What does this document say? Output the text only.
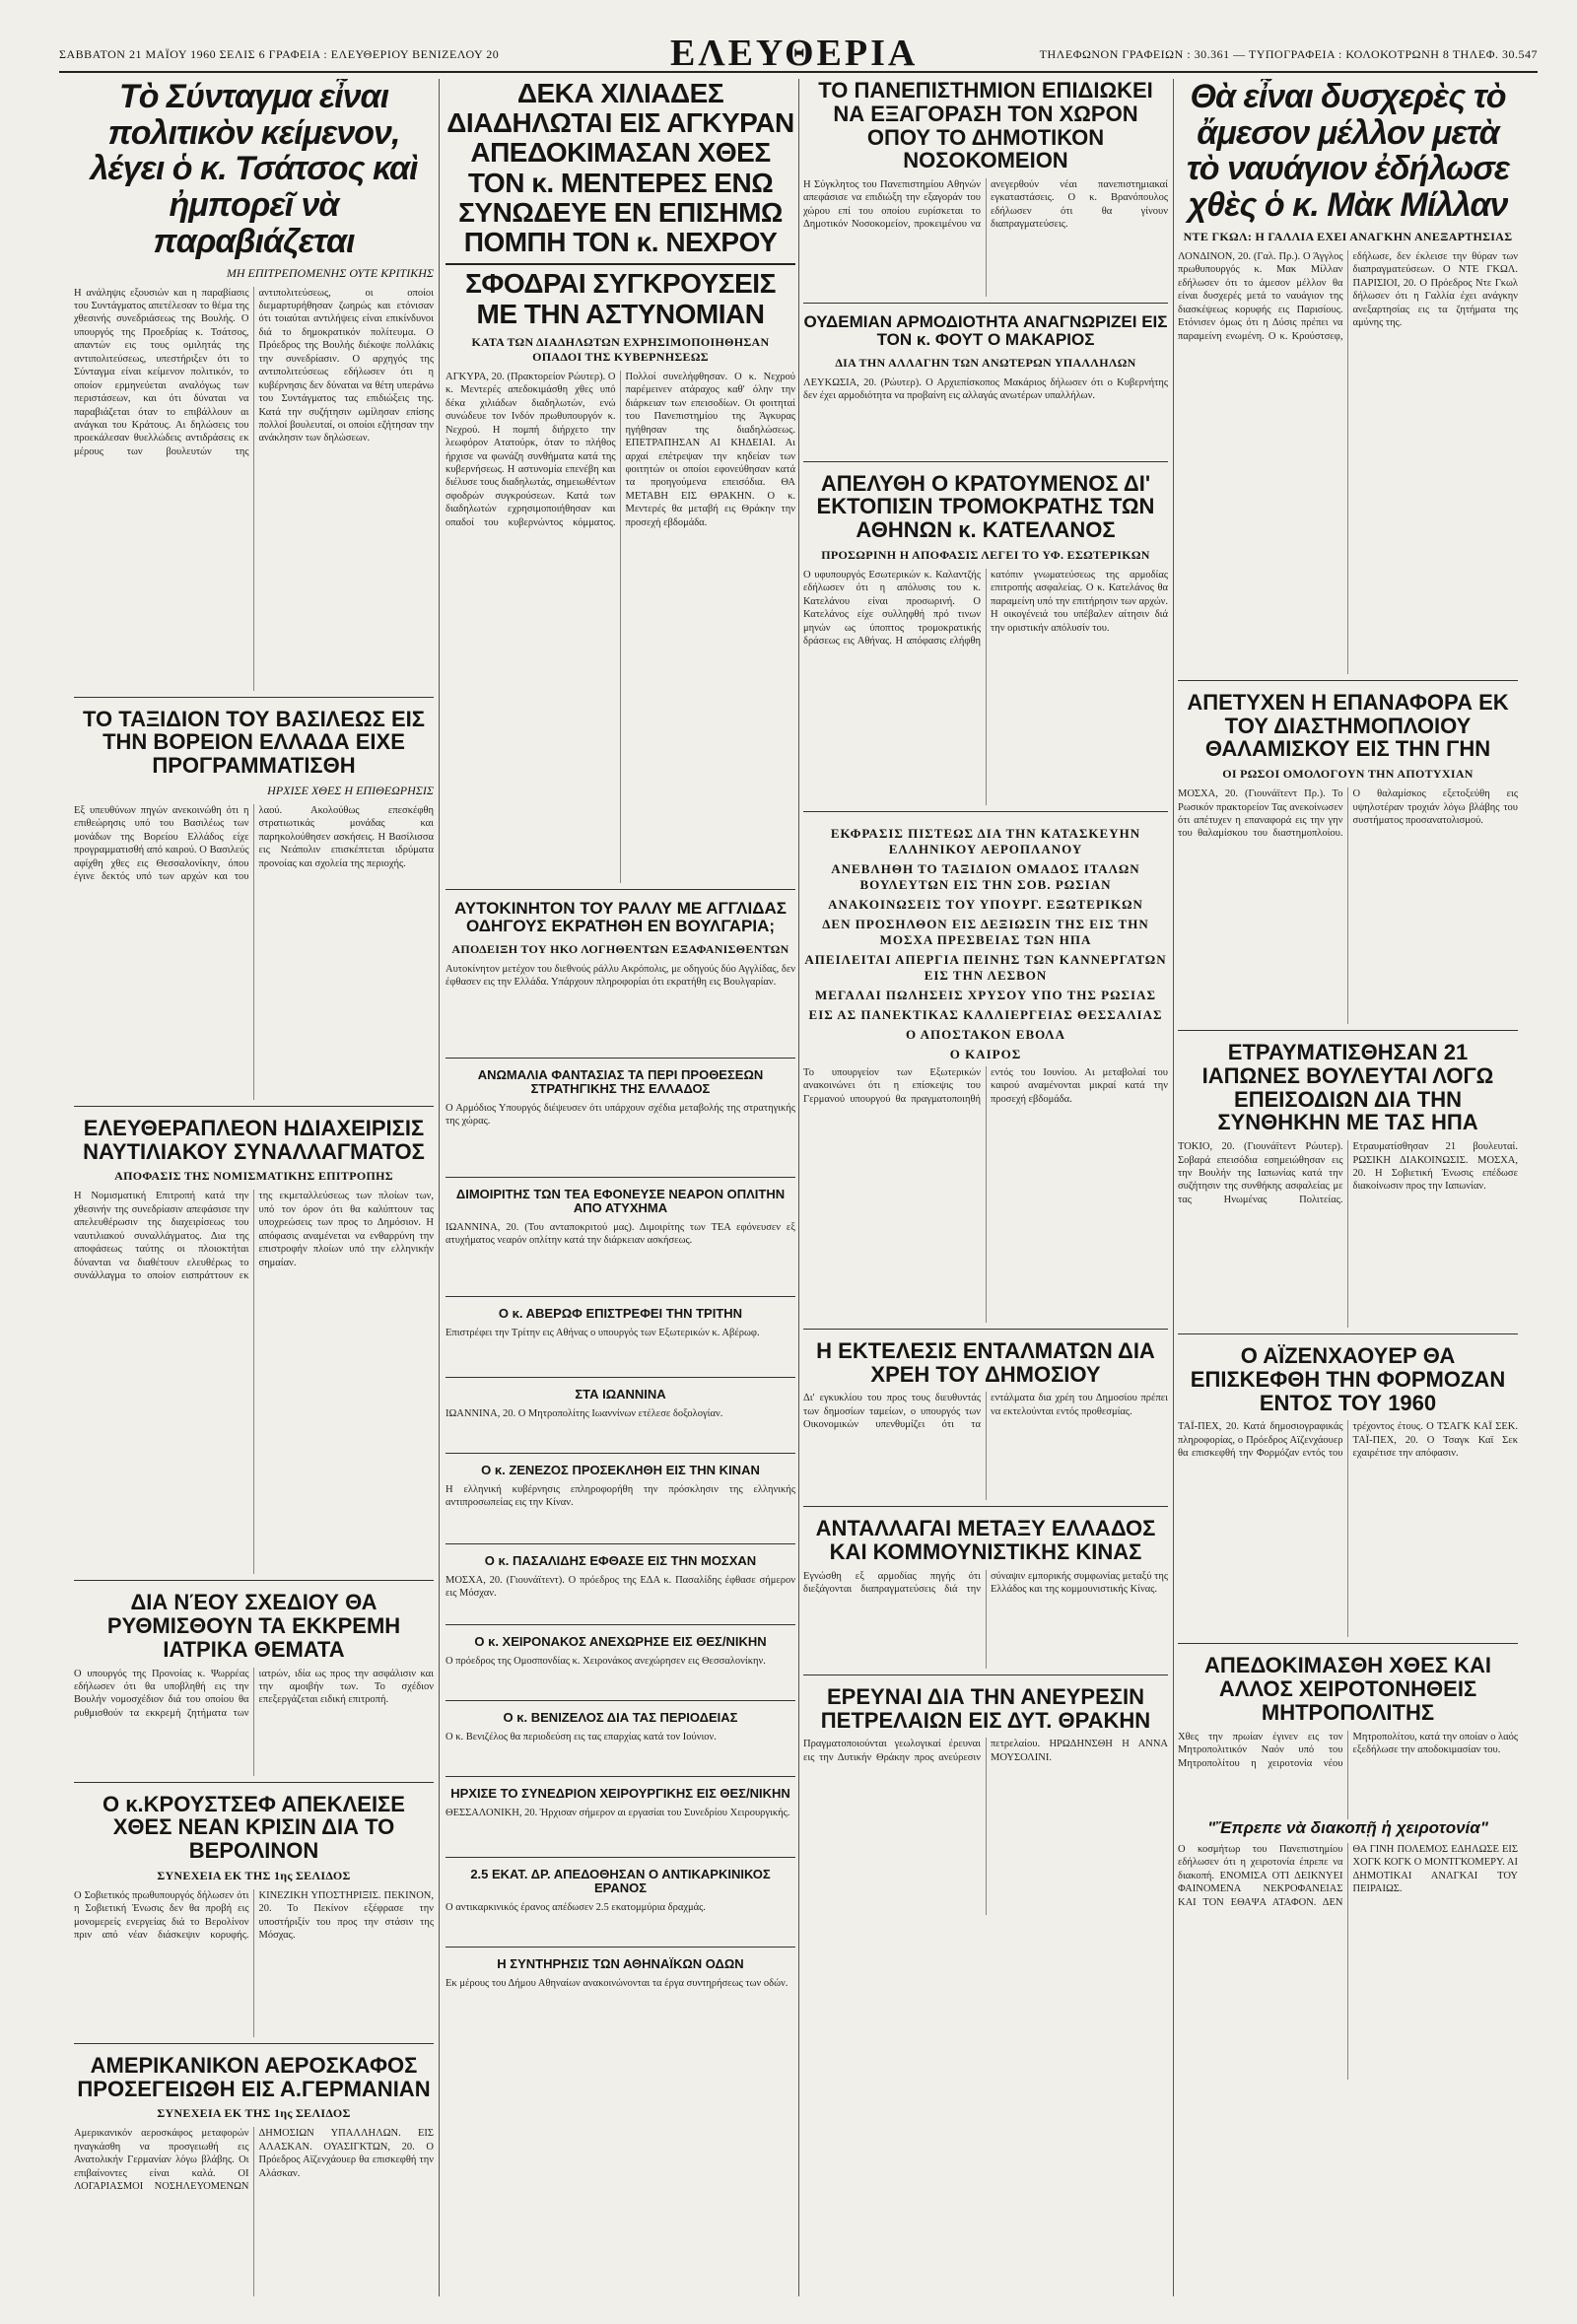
ΣΑΒΒΑΤΟΝ 21 ΜΑΪΟΥ 1960 ΣΕΛΙΣ 6 ΓΡΑΦΕΙΑ : ΕΛΕΥΘΕΡΙΟΥ ΒΕΝΙΖΕΛΟΥ 20	ΕΛΕΥΘΕΡΙΑ	ΤΗΛΕΦΩΝΟΝ ΓΡΑΦΕΙΩΝ : 30.361 — ΤΥΠΟΓΡΑΦΕΙΑ : ΚΟΛΟΚΟΤΡΩΝΗ 8 ΤΗΛΕΦ. 30.547
Τὸ Σύνταγμα εἶναι πολιτικὸν κείμενον, λέγει ὁ κ. Τσάτσος καὶ ἠμπορεῖ νὰ παραβιάζεται
ΜΗ ΕΠΙΤΡΕΠΟΜΕΝΗΣ ΟΥΤΕ ΚΡΙΤΙΚΗΣ
Η ανάληψις εξουσιών και η παραβίασις του Συντάγματος απετέλεσαν το θέμα της χθεσινής συνεδριάσεως της Βουλής. Ο υπουργός της Προεδρίας κ. Τσάτσος, απαντών εις τους ομιλητάς της αντιπολιτεύσεως, υπεστήριξεν ότι το Σύνταγμα είναι κείμενον πολιτικόν, το οποίον ερμηνεύεται αναλόγως των περιστάσεων, και ότι δύναται να παραβιάζεται όταν το επιβάλλουν αι ανάγκαι του Κράτους. Αι δηλώσεις του προεκάλεσαν θυελλώδεις αντιδράσεις εκ μέρους των βουλευτών της αντιπολιτεύσεως, οι οποίοι διεμαρτυρήθησαν ζωηρώς και ετόνισαν ότι τοιαύται αντιλήψεις είναι επικίνδυνοι διά το δημοκρατικόν πολίτευμα. Ο Πρόεδρος της Βουλής διέκοψε πολλάκις την συνεδρίασιν. Ο αρχηγός της αντιπολιτεύσεως εδήλωσεν ότι η κυβέρνησις δεν δύναται να θέτη υπεράνω του Συντάγματος τας επιδιώξεις της. Κατά την συζήτησιν ωμίλησαν επίσης πολλοί βουλευταί, οι οποίοι εζήτησαν την ανάκλησιν των δηλώσεων.
ΤΟ ΤΑΞΙΔΙΟΝ ΤΟΥ ΒΑΣΙΛΕΩΣ ΕΙΣ ΤΗΝ ΒΟΡΕΙΟΝ ΕΛΛΑΔΑ ΕΙΧΕ ΠΡΟΓΡΑΜΜΑΤΙΣΘΗ
ΗΡΧΙΣΕ ΧΘΕΣ Η ΕΠΙΘΕΩΡΗΣΙΣ
Εξ υπευθύνων πηγών ανεκοινώθη ότι η επιθεώρησις υπό του Βασιλέως των μονάδων της Βορείου Ελλάδος είχε προγραμματισθή από καιρού. Ο Βασιλεύς αφίχθη χθες εις Θεσσαλονίκην, όπου έγινε δεκτός υπό των αρχών και του λαού. Ακολούθως επεσκέφθη στρατιωτικάς μονάδας και παρηκολούθησεν ασκήσεις. Η Βασίλισσα εις Νεάπολιν επισκέπτεται ιδρύματα προνοίας και σχολεία της περιοχής.
ΕΛΕΥΘΕΡΑΠΛΕΟΝ ΗΔΙΑΧΕΙΡΙΣΙΣ ΝΑΥΤΙΛΙΑΚΟΥ ΣΥΝΑΛΛΑΓΜΑΤΟΣ
ΑΠΟΦΑΣΙΣ ΤΗΣ ΝΟΜΙΣΜΑΤΙΚΗΣ ΕΠΙΤΡΟΠΗΣ
Η Νομισματική Επιτροπή κατά την χθεσινήν της συνεδρίασιν απεφάσισε την απελευθέρωσιν της διαχειρίσεως του ναυτιλιακού συναλλάγματος. Δια της αποφάσεως ταύτης οι πλοιοκτήται δύνανται να διαθέτουν ελευθέρως το συνάλλαγμα το οποίον εισπράττουν εκ της εκμεταλλεύσεως των πλοίων των, υπό τον όρον ότι θα καλύπτουν τας υποχρεώσεις των προς το Δημόσιον. Η απόφασις αναμένεται να ενθαρρύνη την επιστροφήν πλοίων υπό την ελληνικήν σημαίαν.
ΔΙΑ ΝΈΟΥ ΣΧΕΔΙΟΥ ΘΑ ΡΥΘΜΙΣΘΟΥΝ ΤΑ ΕΚΚΡΕΜΗ ΙΑΤΡΙΚΑ ΘΕΜΑΤΑ
Ο υπουργός της Προνοίας κ. Ψωρρέας εδήλωσεν ότι θα υποβληθή εις την Βουλήν νομοσχέδιον διά του οποίου θα ρυθμισθούν τα εκκρεμή ζητήματα των ιατρών, ιδία ως προς την ασφάλισιν και την αμοιβήν των. Το σχέδιον επεξεργάζεται ειδική επιτροπή.
Ο κ.ΚΡΟΥΣΤΣΕΦ ΑΠΕΚΛΕΙΣΕ ΧΘΕΣ ΝΕΑΝ ΚΡΙΣΙΝ ΔΙΑ ΤΟ ΒΕΡΟΛΙΝΟΝ
ΣΥΝΕΧΕΙΑ ΕΚ ΤΗΣ 1ης ΣΕΛΙΔΟΣ
Ο Σοβιετικός πρωθυπουργός δήλωσεν ότι η Σοβιετική Ένωσις δεν θα προβή εις μονομερείς ενεργείας διά το Βερολίνον πριν από νέαν διάσκεψιν κορυφής. ΚΙΝΕΖΙΚΗ ΥΠΟΣΤΗΡΙΞΙΣ. ΠΕΚΙΝΟΝ, 20. Το Πεκίνον εξέφρασε την υποστήριξίν του προς την στάσιν της Μόσχας.
ΑΜΕΡΙΚΑΝΙΚΟΝ ΑΕΡΟΣΚΑΦΟΣ ΠΡΟΣΕΓΕΙΩΘΗ ΕΙΣ Α.ΓΕΡΜΑΝΙΑΝ
ΣΥΝΕΧΕΙΑ ΕΚ ΤΗΣ 1ης ΣΕΛΙΔΟΣ
Αμερικανικόν αεροσκάφος μεταφορών ηναγκάσθη να προσγειωθή εις Ανατολικήν Γερμανίαν λόγω βλάβης. Οι επιβαίνοντες είναι καλά. ΟΙ ΛΟΓΑΡΙΑΣΜΟΙ ΝΟΣΗΛΕΥΟΜΕΝΩΝ ΔΗΜΟΣΙΩΝ ΥΠΑΛΛΗΛΩΝ. ΕΙΣ ΑΛΑΣΚΑΝ. ΟΥΑΣΙΓΚΤΩΝ, 20. Ο Πρόεδρος Αϊζενχάουερ θα επισκεφθή την Αλάσκαν.
ΔΕΚΑ ΧΙΛΙΑΔΕΣ ΔΙΑΔΗΛΩΤΑΙ ΕΙΣ ΑΓΚΥΡΑΝ ΑΠΕΔΟΚΙΜΑΣΑΝ ΧΘΕΣ ΤΟΝ κ. ΜΕΝΤΕΡΕΣ ΕΝΩ ΣΥΝΩΔΕΥΕ ΕΝ ΕΠΙΣΗΜΩ ΠΟΜΠΗ ΤΟΝ κ. ΝΕΧΡΟΥ
ΣΦΟΔΡΑΙ ΣΥΓΚΡΟΥΣΕΙΣ ΜΕ ΤΗΝ ΑΣΤΥΝΟΜΙΑΝ
ΚΑΤΑ ΤΩΝ ΔΙΑΔΗΛΩΤΩΝ ΕΧΡΗΣΙΜΟΠΟΙΗΘΗΣΑΝ ΟΠΑΔΟΙ ΤΗΣ ΚΥΒΕΡΝΗΣΕΩΣ
ΑΓΚΥΡΑ, 20. (Πρακτορείον Ρώυτερ). Ο κ. Μεντερές απεδοκιμάσθη χθες υπό δέκα χιλιάδων διαδηλωτών, ενώ συνώδευε τον Ινδόν πρωθυπουργόν κ. Νεχρού. Η πομπή διήρχετο την λεωφόρον Ατατούρκ, όταν το πλήθος ήρχισε να φωνάζη συνθήματα κατά της κυβερνήσεως. Η αστυνομία επενέβη και διέλυσε τους διαδηλωτάς, σημειωθέντων σφοδρών συγκρούσεων. Κατά των διαδηλωτών εχρησιμοποιήθησαν και οπαδοί του κυβερνώντος κόμματος. Πολλοί συνελήφθησαν. Ο κ. Νεχρού παρέμεινεν ατάραχος καθ' όλην την διάρκειαν των επεισοδίων. Οι φοιτηταί του Πανεπιστημίου της Άγκυρας ηγήθησαν της διαδηλώσεως. ΕΠΕΤΡΑΠΗΣΑΝ ΑΙ ΚΗΔΕΙΑΙ. Αι αρχαί επέτρεψαν την κηδείαν των φοιτητών οι οποίοι εφονεύθησαν κατά τα προηγούμενα επεισόδια. ΘΑ ΜΕΤΑΒΗ ΕΙΣ ΘΡΑΚΗΝ. Ο κ. Μεντερές θα μεταβή εις Θράκην την προσεχή εβδομάδα.
ΑΥΤΟΚΙΝΗΤΟΝ ΤΟΥ ΡΑΛΛΥ ΜΕ ΑΓΓΛΙΔΑΣ ΟΔΗΓΟΥΣ ΕΚΡΑΤΗΘΗ ΕΝ ΒΟΥΛΓΑΡΙΑ;
ΑΠΟΔΕΙΞΗ ΤΟΥ ΗΚΟ ΛΟΓΗΘΕΝΤΩΝ ΕΞΑΦΑΝΙΣΘΕΝΤΩΝ
Αυτοκίνητον μετέχον του διεθνούς ράλλυ Ακρόπολις, με οδηγούς δύο Αγγλίδας, δεν έφθασεν εις την Ελλάδα. Υπάρχουν πληροφορίαι ότι εκρατήθη εις Βουλγαρίαν.
ΑΝΩΜΑΛΙΑ ΦΑΝΤΑΣΙΑΣ ΤΑ ΠΕΡΙ ΠΡΟΘΕΣΕΩΝ ΣΤΡΑΤΗΓΙΚΗΣ ΤΗΣ ΕΛΛΑΔΟΣ
Ο Αρμόδιος Υπουργός διέψευσεν ότι υπάρχουν σχέδια μεταβολής της στρατηγικής της χώρας.
ΔΙΜΟΙΡΙΤΗΣ ΤΩΝ ΤΕΑ ΕΦΟΝΕΥΣΕ ΝΕΑΡΟΝ ΟΠΛΙΤΗΝ ΑΠΟ ΑΤΥΧΗΜΑ
ΙΩΑΝΝΙΝΑ, 20. (Του ανταποκριτού μας). Διμοιρίτης των ΤΕΑ εφόνευσεν εξ ατυχήματος νεαρόν οπλίτην κατά την διάρκειαν ασκήσεως.
Ο κ. ΑΒΕΡΩΦ ΕΠΙΣΤΡΕΦΕΙ ΤΗΝ ΤΡΙΤΗΝ
Επιστρέφει την Τρίτην εις Αθήνας ο υπουργός των Εξωτερικών κ. Αβέρωφ.
ΣΤΑ ΙΩΑΝΝΙΝΑ
ΙΩΑΝΝΙΝΑ, 20. Ο Μητροπολίτης Ιωαννίνων ετέλεσε δοξολογίαν.
Ο κ. ΖΕΝΕΖΟΣ ΠΡΟΣΕΚΛΗΘΗ ΕΙΣ ΤΗΝ ΚΙΝΑΝ
Η ελληνική κυβέρνησις επληροφορήθη την πρόσκλησιν της ελληνικής αντιπροσωπείας εις την Κίναν.
Ο κ. ΠΑΣΑΛΙΔΗΣ ΕΦΘΑΣΕ ΕΙΣ ΤΗΝ ΜΟΣΧΑΝ
ΜΟΣΧΑ, 20. (Γιουνάϊτεντ). Ο πρόεδρος της ΕΔΑ κ. Πασαλίδης έφθασε σήμερον εις Μόσχαν.
Ο κ. ΧΕΙΡΟΝΑΚΟΣ ΑΝΕΧΩΡΗΣΕ ΕΙΣ ΘΕΣ/ΝΙΚΗΝ
Ο πρόεδρος της Ομοσπονδίας κ. Χειρονάκος ανεχώρησεν εις Θεσσαλονίκην.
Ο κ. ΒΕΝΙΖΕΛΟΣ ΔΙΑ ΤΑΣ ΠΕΡΙΟΔΕΙΑΣ
Ο κ. Βενιζέλος θα περιοδεύση εις τας επαρχίας κατά τον Ιούνιον.
ΗΡΧΙΣΕ ΤΟ ΣΥΝΕΔΡΙΟΝ ΧΕΙΡΟΥΡΓΙΚΗΣ ΕΙΣ ΘΕΣ/ΝΙΚΗΝ
ΘΕΣΣΑΛΟΝΙΚΗ, 20. Ήρχισαν σήμερον αι εργασίαι του Συνεδρίου Χειρουργικής.
2.5 ΕΚΑΤ. ΔΡ. ΑΠΕΔΟΘΗΣΑΝ Ο ΑΝΤΙΚΑΡΚΙΝΙΚΟΣ ΕΡΑΝΟΣ
Ο αντικαρκινικός έρανος απέδωσεν 2.5 εκατομμύρια δραχμάς.
Η ΣΥΝΤΗΡΗΣΙΣ ΤΩΝ ΑΘΗΝΑΪΚΩΝ ΟΔΩΝ
Εκ μέρους του Δήμου Αθηναίων ανακοινώνονται τα έργα συντηρήσεως των οδών.
ΤΟ ΠΑΝΕΠΙΣΤΗΜΙΟΝ ΕΠΙΔΙΩΚΕΙ ΝΑ ΕΞΑΓΟΡΑΣΗ ΤΟΝ ΧΩΡΟΝ ΟΠΟΥ ΤΟ ΔΗΜΟΤΙΚΟΝ ΝΟΣΟΚΟΜΕΙΟΝ
Η Σύγκλητος του Πανεπιστημίου Αθηνών απεφάσισε να επιδιώξη την εξαγοράν του χώρου επί του οποίου ευρίσκεται το Δημοτικόν Νοσοκομείον, προκειμένου να ανεγερθούν νέαι πανεπιστημιακαί εγκαταστάσεις. Ο κ. Βρανόπουλος εδήλωσεν ότι θα γίνουν διαπραγματεύσεις.
ΟΥΔΕΜΙΑΝ ΑΡΜΟΔΙΟΤΗΤΑ ΑΝΑΓΝΩΡΙΖΕΙ ΕΙΣ ΤΟΝ κ. ΦΟΥΤ Ο ΜΑΚΑΡΙΟΣ
ΔΙΑ ΤΗΝ ΑΛΛΑΓΗΝ ΤΩΝ ΑΝΩΤΕΡΩΝ ΥΠΑΛΛΗΛΩΝ
ΛΕΥΚΩΣΙΑ, 20. (Ρώυτερ). Ο Αρχιεπίσκοπος Μακάριος δήλωσεν ότι ο Κυβερνήτης δεν έχει αρμοδιότητα να προβαίνη εις αλλαγάς ανωτέρων υπαλλήλων.
ΑΠΕΛΥΘΗ Ο ΚΡΑΤΟΥΜΕΝΟΣ ΔΙ' ΕΚΤΟΠΙΣΙΝ ΤΡΟΜΟΚΡΑΤΗΣ ΤΩΝ ΑΘΗΝΩΝ κ. ΚΑΤΕΛΑΝΟΣ
ΠΡΟΣΩΡΙΝΗ Η ΑΠΟΦΑΣΙΣ ΛΕΓΕΙ ΤΟ ΥΦ. ΕΣΩΤΕΡΙΚΩΝ
Ο υφυπουργός Εσωτερικών κ. Καλαντζής εδήλωσεν ότι η απόλυσις του κ. Κατελάνου είναι προσωρινή. Ο Κατελάνος είχε συλληφθή πρό τινων μηνών ως ύποπτος τρομοκρατικής δράσεως εις Αθήνας. Η απόφασις ελήφθη κατόπιν γνωματεύσεως της αρμοδίας επιτροπής ασφαλείας. Ο κ. Κατελάνος θα παραμείνη υπό την επιτήρησιν των αρχών. Η οικογένειά του υπέβαλεν αίτησιν διά την οριστικήν απόλυσίν του.
ΕΚΦΡΑΣΙΣ ΠΙΣΤΕΩΣ ΔΙΑ ΤΗΝ ΚΑΤΑΣΚΕΥΗΝ ΕΛΛΗΝΙΚΟΥ ΑΕΡΟΠΛΑΝΟΥ
ΑΝΕΒΛΗΘΗ ΤΟ ΤΑΞΙΔΙΟΝ ΟΜΑΔΟΣ ΙΤΑΛΩΝ ΒΟΥΛΕΥΤΩΝ ΕΙΣ ΤΗΝ ΣΟΒ. ΡΩΣΙΑΝ
ΑΝΑΚΟΙΝΩΣΕΙΣ ΤΟΥ ΥΠΟΥΡΓ. ΕΞΩΤΕΡΙΚΩΝ
ΔΕΝ ΠΡΟΣΗΛΘΟΝ ΕΙΣ ΔΕΞΙΩΣΙΝ ΤΗΣ ΕΙΣ ΤΗΝ ΜΟΣΧΑ ΠΡΕΣΒΕΙΑΣ ΤΩΝ ΗΠΑ
ΑΠΕΙΛΕΙΤΑΙ ΑΠΕΡΓΙΑ ΠΕΙΝΗΣ ΤΩΝ ΚΑΝΝΕΡΓΑΤΩΝ ΕΙΣ ΤΗΝ ΛΕΣΒΟΝ
ΜΕΓΑΛΑΙ ΠΩΛΗΣΕΙΣ ΧΡΥΣΟΥ ΥΠΟ ΤΗΣ ΡΩΣΙΑΣ
ΕΙΣ ΑΣ ΠΑΝΕΚΤΙΚΑΣ ΚΑΛΛΙΕΡΓΕΙΑΣ ΘΕΣΣΑΛΙΑΣ
Ο ΑΠΟΣΤΑΚΟΝ ΕΒΟΛΑ
Ο ΚΑΙΡΟΣ
Το υπουργείον των Εξωτερικών ανακοινώνει ότι η επίσκεψις του Γερμανού υπουργού θα πραγματοποιηθή εντός του Ιουνίου. Αι μεταβολαί του καιρού αναμένονται μικραί κατά την προσεχή εβδομάδα.
Η ΕΚΤΕΛΕΣΙΣ ΕΝΤΑΛΜΑΤΩΝ ΔΙΑ ΧΡΕΗ ΤΟΥ ΔΗΜΟΣΙΟΥ
Δι' εγκυκλίου του προς τους διευθυντάς των δημοσίων ταμείων, ο υπουργός των Οικονομικών υπενθυμίζει ότι τα εντάλματα δια χρέη του Δημοσίου πρέπει να εκτελούνται εντός προθεσμίας.
ΑΝΤΑΛΛΑΓΑΙ ΜΕΤΑΞΥ ΕΛΛΑΔΟΣ ΚΑΙ ΚΟΜΜΟΥΝΙΣΤΙΚΗΣ ΚΙΝΑΣ
Εγνώσθη εξ αρμοδίας πηγής ότι διεξάγονται διαπραγματεύσεις διά την σύναψιν εμπορικής συμφωνίας μεταξύ της Ελλάδος και της κομμουνιστικής Κίνας.
ΕΡΕΥΝΑΙ ΔΙΑ ΤΗΝ ΑΝΕΥΡΕΣΙΝ ΠΕΤΡΕΛΑΙΩΝ ΕΙΣ ΔΥΤ. ΘΡΑΚΗΝ
Πραγματοποιούνται γεωλογικαί έρευναι εις την Δυτικήν Θράκην προς ανεύρεσιν πετρελαίου. ΗΡΩΔΗΝΣΘΗ Η ΑΝΝΑ ΜΟΥΣΟΛΙΝΙ.
Θὰ εἶναι δυσχερὲς τὸ ἄμεσον μέλλον μετὰ τὸ ναυάγιον ἐδήλωσε χθὲς ὁ κ. Μὰκ Μίλλαν
ΝΤΕ ΓΚΩΛ: Η ΓΑΛΛΙΑ ΕΧΕΙ ΑΝΑΓΚΗΝ ΑΝΕΞΑΡΤΗΣΙΑΣ
ΛΟΝΔΙΝΟΝ, 20. (Γαλ. Πρ.). Ο Άγγλος πρωθυπουργός κ. Μακ Μίλλαν εδήλωσεν ότι το άμεσον μέλλον θα είναι δυσχερές μετά το ναυάγιον της διασκέψεως κορυφής εις Παρισίους. Ετόνισεν όμως ότι η Δύσις πρέπει να παραμείνη ενωμένη. Ο κ. Κρούστσεφ, εδήλωσε, δεν έκλεισε την θύραν των διαπραγματεύσεων. Ο ΝΤΕ ΓΚΩΛ. ΠΑΡΙΣΙΟΙ, 20. Ο Πρόεδρος Ντε Γκωλ δήλωσεν ότι η Γαλλία έχει ανάγκην ανεξαρτησίας εις τα ζητήματα της αμύνης της.
ΑΠΕΤΥΧΕΝ Η ΕΠΑΝΑΦΟΡΑ ΕΚ ΤΟΥ ΔΙΑΣΤΗΜΟΠΛΟΙΟΥ ΘΑΛΑΜΙΣΚΟΥ ΕΙΣ ΤΗΝ ΓΗΝ
ΟΙ ΡΩΣΟΙ ΟΜΟΛΟΓΟΥΝ ΤΗΝ ΑΠΟΤΥΧΙΑΝ
ΜΟΣΧΑ, 20. (Γιουνάϊτεντ Πρ.). Το Ρωσικόν πρακτορείον Τας ανεκοίνωσεν ότι απέτυχεν η επαναφορά εις την γην του θαλαμίσκου του διαστημοπλοίου. Ο θαλαμίσκος εξετοξεύθη εις υψηλοτέραν τροχιάν λόγω βλάβης του συστήματος προσανατολισμού.
ΕΤΡΑΥΜΑΤΙΣΘΗΣΑΝ 21 ΙΑΠΩΝΕΣ ΒΟΥΛΕΥΤΑΙ ΛΟΓΩ ΕΠΕΙΣΟΔΙΩΝ ΔΙΑ ΤΗΝ ΣΥΝΘΗΚΗΝ ΜΕ ΤΑΣ ΗΠΑ
ΤΟΚΙΟ, 20. (Γιουνάϊτεντ Ρώυτερ). Σοβαρά επεισόδια εσημειώθησαν εις την Βουλήν της Ιαπωνίας κατά την συζήτησιν της συνθήκης ασφαλείας με τας Ηνωμένας Πολιτείας. Ετραυματίσθησαν 21 βουλευταί. ΡΩΣΙΚΗ ΔΙΑΚΟΙΝΩΣΙΣ. ΜΟΣΧΑ, 20. Η Σοβιετική Ένωσις επέδωσε διακοίνωσιν προς την Ιαπωνίαν.
Ο ΑΪΖΕΝΧΑΟΥΕΡ ΘΑ ΕΠΙΣΚΕΦΘΗ ΤΗΝ ΦΟΡΜΟΖΑΝ ΕΝΤΟΣ ΤΟΥ 1960
ΤΑΪ-ΠΕΧ, 20. Κατά δημοσιογραφικάς πληροφορίας, ο Πρόεδρος Αϊζενχάουερ θα επισκεφθή την Φορμόζαν εντός του τρέχοντος έτους. Ο ΤΣΑΓΚ ΚΑΪ ΣΕΚ. ΤΑΪ-ΠΕΧ, 20. Ο Τσαγκ Καϊ Σεκ εχαιρέτισε την απόφασιν.
ΑΠΕΔΟΚΙΜΑΣΘΗ ΧΘΕΣ ΚΑΙ ΑΛΛΟΣ ΧΕΙΡΟΤΟΝΗΘΕΙΣ ΜΗΤΡΟΠΟΛΙΤΗΣ
Χθες την πρωίαν έγινεν εις τον Μητροπολιτικόν Ναόν υπό του Μητροπολίτου η χειροτονία νέου Μητροπολίτου, κατά την οποίαν ο λαός εξεδήλωσε την αποδοκιμασίαν του.
"Ἔπρεπε νὰ διακοπῇ ἡ χειροτονία"
Ο κοσμήτωρ του Πανεπιστημίου εδήλωσεν ότι η χειροτονία έπρεπε να διακοπή. ΕΝΟΜΙΣΑ ΟΤΙ ΔΕΙΚΝΥΕΙ ΦΑΙΝΟΜΕΝΑ ΝΕΚΡΟΦΑΝΕΙΑΣ ΚΑΙ ΤΟΝ ΕΘΑΨΑ ΑΤΑΦΟΝ. ΔΕΝ ΘΑ ΓΙΝΗ ΠΟΛΕΜΟΣ ΕΔΗΛΩΣΕ ΕΙΣ ΧΟΓΚ ΚΟΓΚ Ο ΜΟΝΤΓΚΟΜΕΡΥ. ΑΙ ΔΗΜΟΤΙΚΑΙ ΑΝΑΓΚΑΙ ΤΟΥ ΠΕΙΡΑΙΩΣ.
